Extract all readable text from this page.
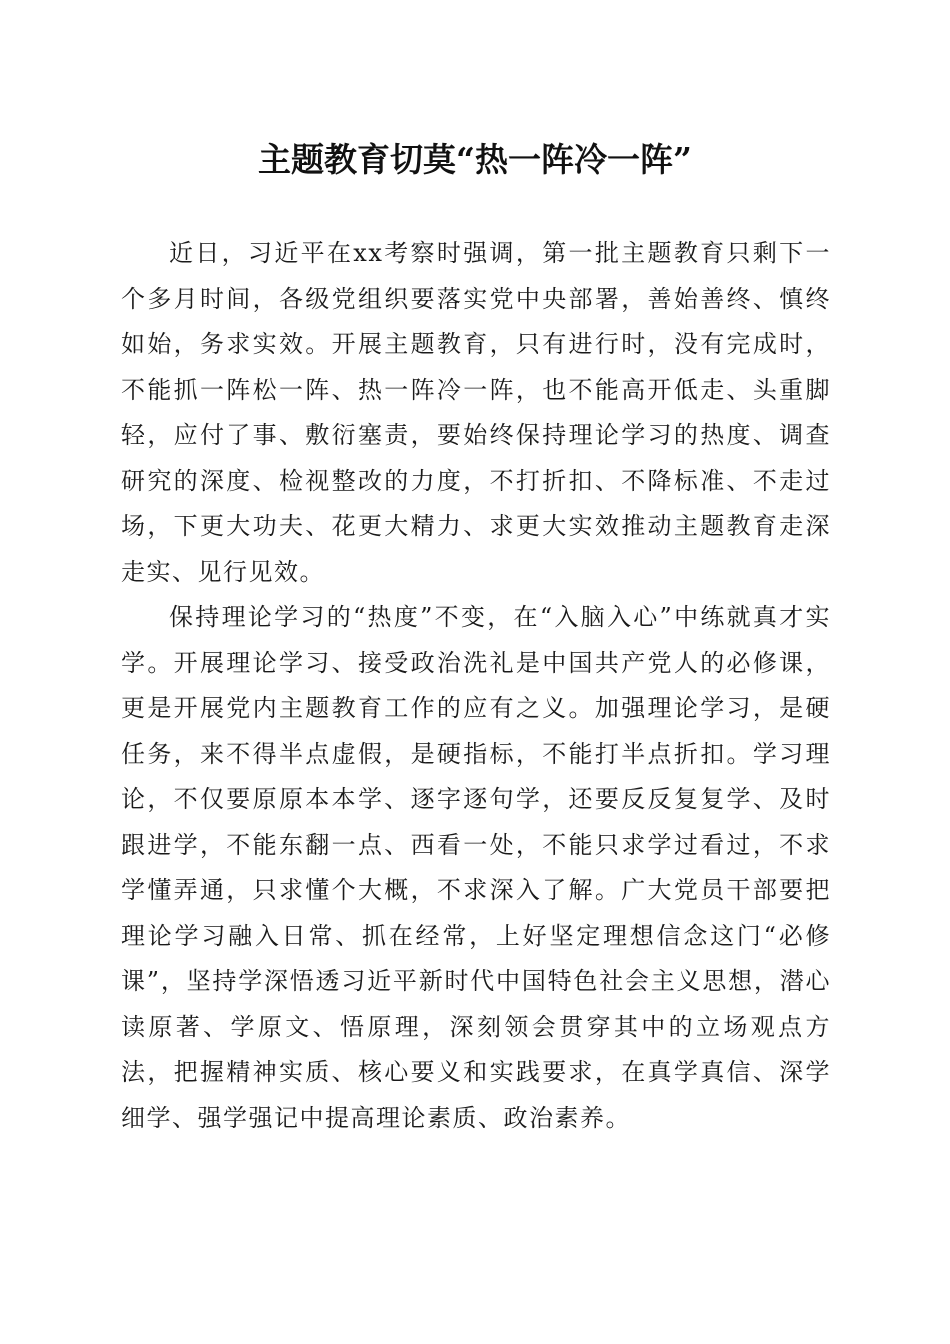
主题教育切莫“热一阵冷一阵”

近日，习近平在xx考察时强调，第一批主题教育只剩下一个多月时间，各级党组织要落实党中央部署，善始善终、慎终如始，务求实效。开展主题教育，只有进行时，没有完成时，不能抓一阵松一阵、热一阵冷一阵，也不能高开低走、头重脚轻，应付了事、敷衍塞责，要始终保持理论学习的热度、调查研究的深度、检视整改的力度，不打折扣、不降标准、不走过场，下更大功夫、花更大精力、求更大实效推动主题教育走深走实、见行见效。

保持理论学习的“热度”不变，在“入脑入心”中练就真才实学。开展理论学习、接受政治洗礼是中国共产党人的必修课，更是开展党内主题教育工作的应有之义。加强理论学习，是硬任务，来不得半点虚假，是硬指标，不能打半点折扣。学习理论，不仅要原原本本学、逐字逐句学，还要反反复复学、及时跟进学，不能东翻一点、西看一处，不能只求学过看过，不求学懂弄通，只求懂个大概，不求深入了解。广大党员干部要把理论学习融入日常、抓在经常，上好坚定理想信念这门“必修课”，坚持学深悟透习近平新时代中国特色社会主义思想，潜心读原著、学原文、悟原理，深刻领会贯穿其中的立场观点方法，把握精神实质、核心要义和实践要求，在真学真信、深学细学、强学强记中提高理论素质、政治素养。
